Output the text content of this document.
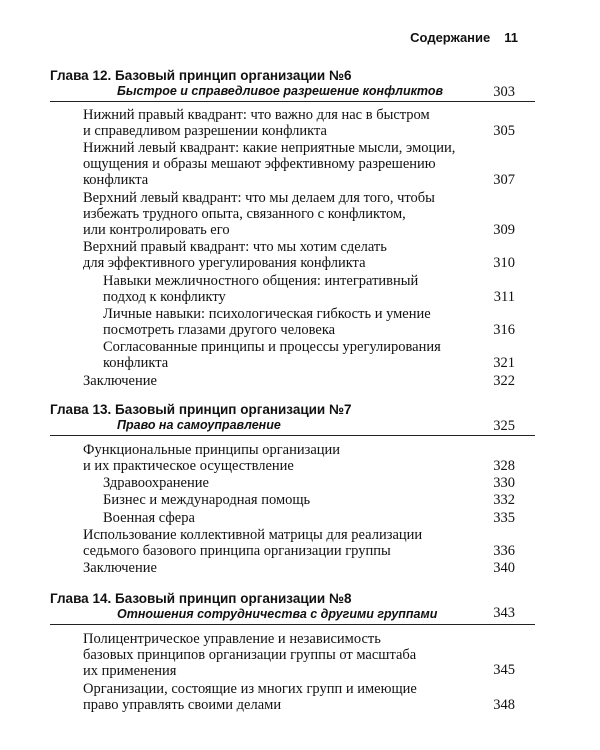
Содержание 11
Глава 12. Базовый принцип организации №6
Быстрое и справедливое разрешение конфликтов	303
Нижний правый квадрант: что важно для нас в быстром
и справедливом разрешении конфликта	305
Нижний левый квадрант: какие неприятные мысли, эмоции,
ощущения и образы мешают эффективному разрешению
конфликта	307
Верхний левый квадрант: что мы делаем для того, чтобы
избежать трудного опыта, связанного с конфликтом,
или контролировать его	309
Верхний правый квадрант: что мы хотим сделать
для эффективного урегулирования конфликта	310
Навыки межличностного общения: интегративный
подход к конфликту	311
Личные навыки: психологическая гибкость и умение
посмотреть глазами другого человека	316
Согласованные принципы и процессы урегулирования
конфликта	321
Заключение	322
Глава 13. Базовый принцип организации №7
Право на самоуправление	325
Функциональные принципы организации
и их практическое осуществление	328
Здравоохранение	330
Бизнес и международная помощь	332
Военная сфера	335
Использование коллективной матрицы для реализации
седьмого базового принципа организации группы	336
Заключение	340
Глава 14. Базовый принцип организации №8
Отношения сотрудничества с другими группами	343
Полицентрическое управление и независимость
базовых принципов организации группы от масштаба
их применения	345
Организации, состоящие из многих групп и имеющие
право управлять своими делами	348
